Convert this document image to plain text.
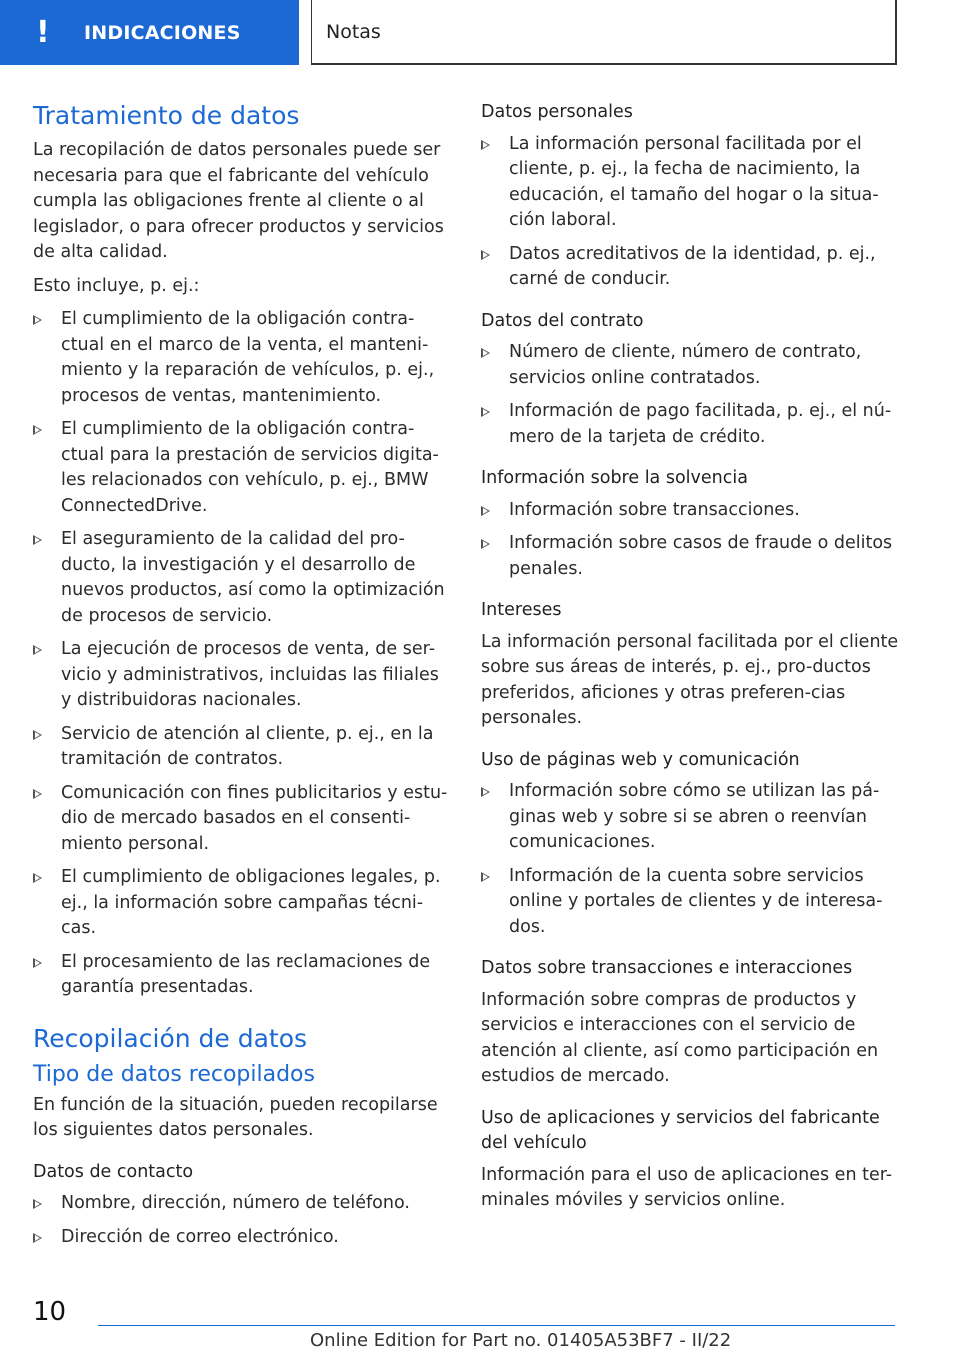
!	INDICACIONES	Notas
Tratamiento de datos
La recopilación de datos personales puede ser necesaria para que el fabricante del vehículo cumpla las obligaciones frente al cliente o al legislador, o para ofrecer productos y servicios de alta calidad.
Esto incluye, p. ej.:
El cumplimiento de la obligación contra-ctual en el marco de la venta, el manteni-miento y la reparación de vehículos, p. ej., procesos de ventas, mantenimiento.
El cumplimiento de la obligación contra-ctual para la prestación de servicios digita-les relacionados con vehículo, p. ej., BMW ConnectedDrive.
El aseguramiento de la calidad del pro-ducto, la investigación y el desarrollo de nuevos productos, así como la optimización de procesos de servicio.
La ejecución de procesos de venta, de ser-vicio y administrativos, incluidas las filiales y distribuidoras nacionales.
Servicio de atención al cliente, p. ej., en la tramitación de contratos.
Comunicación con fines publicitarios y estu-dio de mercado basados en el consenti-miento personal.
El cumplimiento de obligaciones legales, p. ej., la información sobre campañas técni-cas.
El procesamiento de las reclamaciones de garantía presentadas.
Recopilación de datos
Tipo de datos recopilados
En función de la situación, pueden recopilarse los siguientes datos personales.
Datos de contacto
Nombre, dirección, número de teléfono.
Dirección de correo electrónico.
Datos personales
La información personal facilitada por el cliente, p. ej., la fecha de nacimiento, la educación, el tamaño del hogar o la situa-ción laboral.
Datos acreditativos de la identidad, p. ej., carné de conducir.
Datos del contrato
Número de cliente, número de contrato, servicios online contratados.
Información de pago facilitada, p. ej., el nú-mero de la tarjeta de crédito.
Información sobre la solvencia
Información sobre transacciones.
Información sobre casos de fraude o delitos penales.
Intereses
La información personal facilitada por el cliente sobre sus áreas de interés, p. ej., pro-ductos preferidos, aficiones y otras preferen-cias personales.
Uso de páginas web y comunicación
Información sobre cómo se utilizan las pá-ginas web y sobre si se abren o reenvían comunicaciones.
Información de la cuenta sobre servicios online y portales de clientes y de interesa-dos.
Datos sobre transacciones e interacciones
Información sobre compras de productos y servicios e interacciones con el servicio de atención al cliente, así como participación en estudios de mercado.
Uso de aplicaciones y servicios del fabricante del vehículo
Información para el uso de aplicaciones en ter-minales móviles y servicios online.
10
Online Edition for Part no. 01405A53BF7 - II/22
